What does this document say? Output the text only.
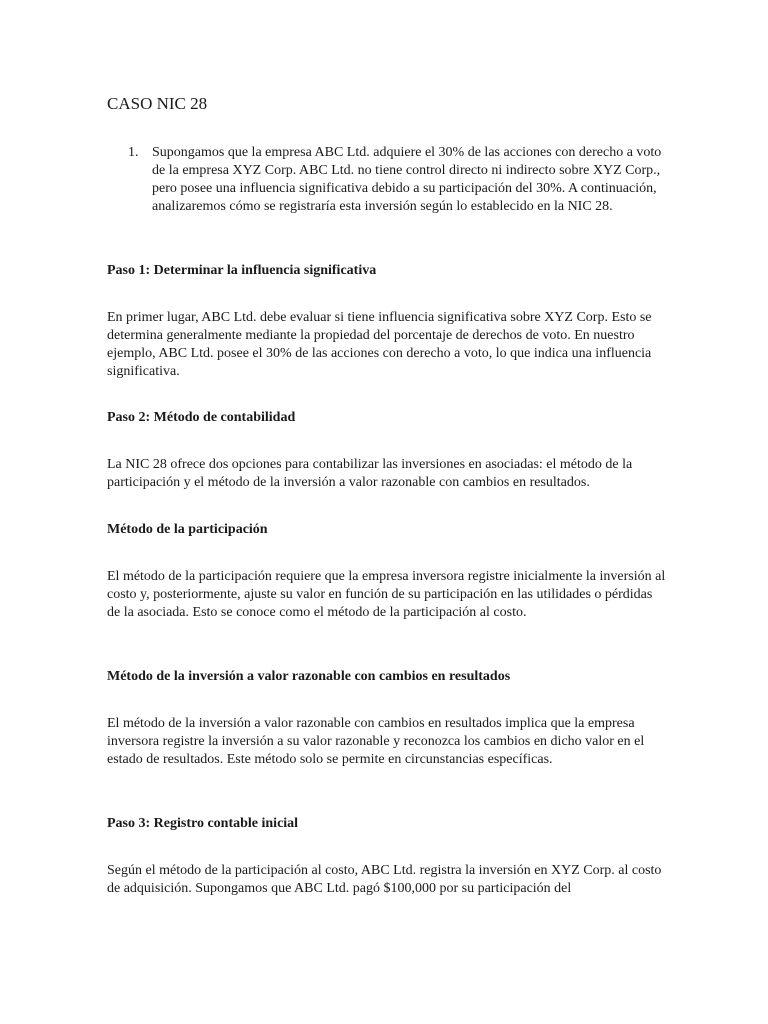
CASO NIC 28
1. Supongamos que la empresa ABC Ltd. adquiere el 30% de las acciones con derecho a voto de la empresa XYZ Corp. ABC Ltd. no tiene control directo ni indirecto sobre XYZ Corp., pero posee una influencia significativa debido a su participación del 30%. A continuación, analizaremos cómo se registraría esta inversión según lo establecido en la NIC 28.
Paso 1: Determinar la influencia significativa

En primer lugar, ABC Ltd. debe evaluar si tiene influencia significativa sobre XYZ Corp. Esto se determina generalmente mediante la propiedad del porcentaje de derechos de voto. En nuestro ejemplo, ABC Ltd. posee el 30% de las acciones con derecho a voto, lo que indica una influencia significativa.

Paso 2: Método de contabilidad

La NIC 28 ofrece dos opciones para contabilizar las inversiones en asociadas: el método de la participación y el método de la inversión a valor razonable con cambios en resultados.

Método de la participación

El método de la participación requiere que la empresa inversora registre inicialmente la inversión al costo y, posteriormente, ajuste su valor en función de su participación en las utilidades o pérdidas de la asociada. Esto se conoce como el método de la participación al costo.

Método de la inversión a valor razonable con cambios en resultados

El método de la inversión a valor razonable con cambios en resultados implica que la empresa inversora registre la inversión a su valor razonable y reconozca los cambios en dicho valor en el estado de resultados. Este método solo se permite en circunstancias específicas.

Paso 3: Registro contable inicial

Según el método de la participación al costo, ABC Ltd. registra la inversión en XYZ Corp. al costo de adquisición. Supongamos que ABC Ltd. pagó $100,000 por su participación del
